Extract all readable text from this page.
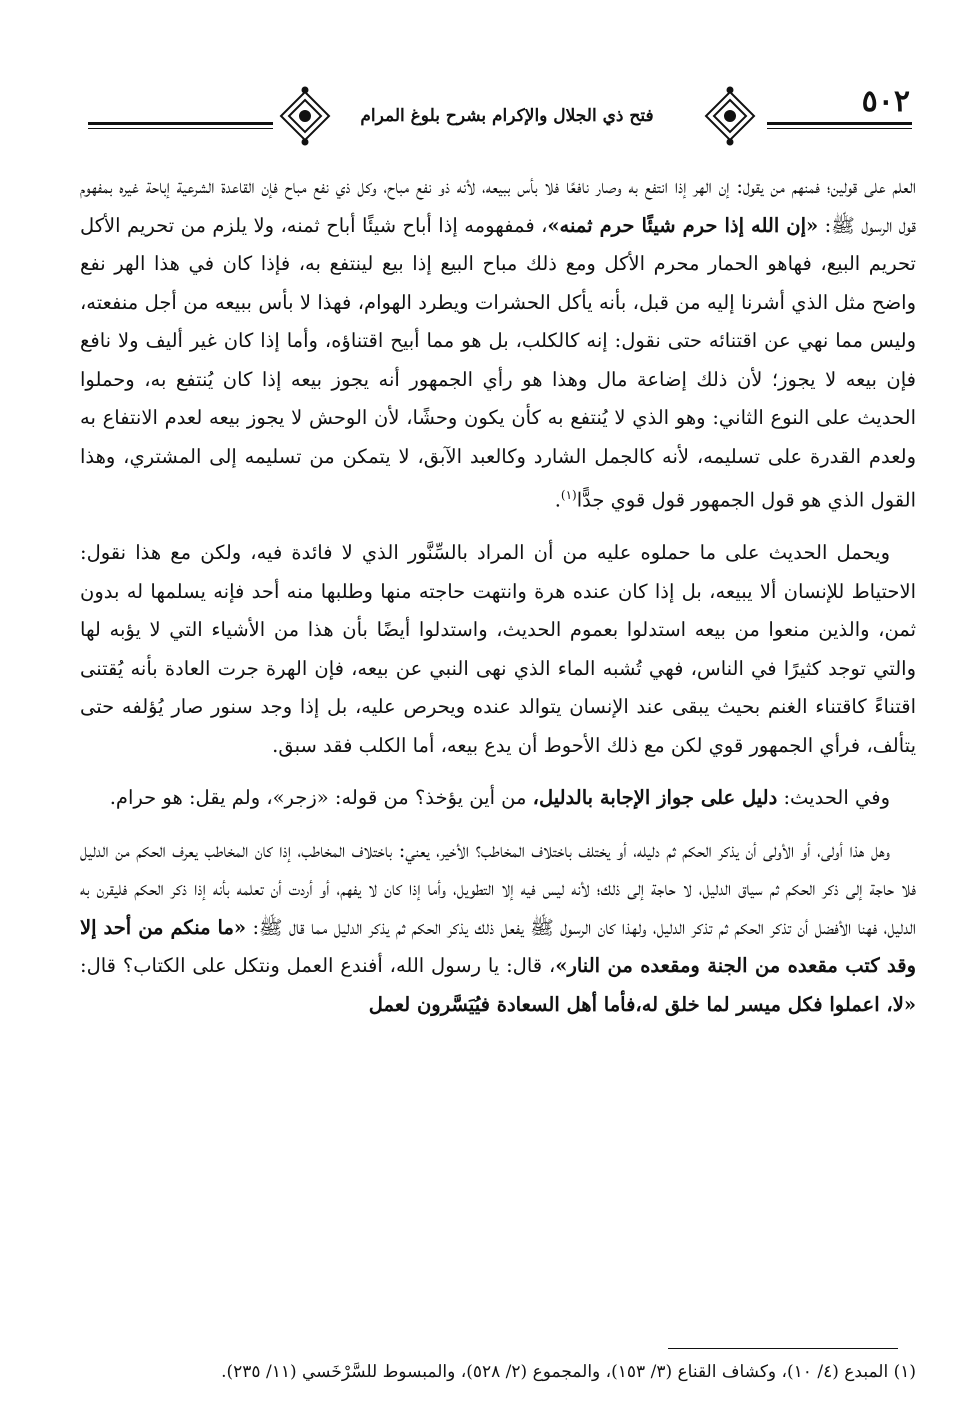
فتح ذي الجلال والإكرام بشرح بلوغ المرام	٥٠٢

العلم على قولين؛ فمنهم من يقول: إن الهر إذا انتفع به وصار نافعًا فلا بأس ببيعه، لأنه ذو نفع مباح، وكل ذي نفع مباح فإن القاعدة الشرعية إباحة غيره بمفهوم قول الرسول ﷺ: «إن الله إذا حرم شيئًا حرم ثمنه»، فمفهومه إذا أباح شيئًا أباح ثمنه، ولا يلزم من تحريم الأكل تحريم البيع، فهاهو الحمار محرم الأكل ومع ذلك مباح البيع إذا بيع لينتفع به، فإذا كان في هذا الهر نفع واضح مثل الذي أشرنا إليه من قبل، بأنه يأكل الحشرات ويطرد الهوام، فهذا لا بأس ببيعه من أجل منفعته، وليس مما نهي عن اقتنائه حتى نقول: إنه كالكلب، بل هو مما أبيح اقتناؤه، وأما إذا كان غير أليف ولا نافع فإن بيعه لا يجوز؛ لأن ذلك إضاعة مال وهذا هو رأي الجمهور أنه يجوز بيعه إذا كان يُنتفع به، وحملوا الحديث على النوع الثاني: وهو الذي لا يُنتفع به كأن يكون وحشًا، لأن الوحش لا يجوز بيعه لعدم الانتفاع به ولعدم القدرة على تسليمه، لأنه كالجمل الشارد وكالعبد الآبق، لا يتمكن من تسليمه إلى المشتري، وهذا القول الذي هو قول الجمهور قول قوي جدًّا$^{(١)}$.

ويحمل الحديث على ما حملوه عليه من أن المراد بالسِّنَّور الذي لا فائدة فيه، ولكن مع هذا نقول: الاحتياط للإنسان ألا يبيعه، بل إذا كان عنده هرة وانتهت حاجته منها وطلبها منه أحد فإنه يسلمها له بدون ثمن، والذين منعوا من بيعه استدلوا بعموم الحديث، واستدلوا أيضًا بأن هذا من الأشياء التي لا يؤبه لها والتي توجد كثيرًا في الناس، فهي تُشبه الماء الذي نهى النبي عن بيعه، فإن الهرة جرت العادة بأنه يُقتنى اقتناءً كاقتناء الغنم بحيث يبقى عند الإنسان يتوالد عنده ويحرص عليه، بل إذا وجد سنور صار يُؤلفه حتى يتألف، فرأي الجمهور قوي لكن مع ذلك الأحوط أن يدع بيعه، أما الكلب فقد سبق.

وفي الحديث: دليل على جواز الإجابة بالدليل، من أين يؤخذ؟ من قوله: «زجر»، ولم يقل: هو حرام.

وهل هذا أولى، أو الأولى أن يذكر الحكم ثم دليله، أو يختلف باختلاف المخاطب؟ الأخير، يعني: باختلاف المخاطب، إذا كان المخاطب يعرف الحكم من الدليل فلا حاجة إلى ذكر الحكم ثم سياق الدليل، لا حاجة إلى ذلك؛ لأنه ليس فيه إلا التطويل، وأما إذا كان لا يفهم، أو أردت أن تعلمه بأنه إذا ذكر الحكم فليقرن به الدليل، فهنا الأفضل أن تذكر الحكم ثم تذكر الدليل، ولهذا كان الرسول ﷺ يفعل ذلك يذكر الحكم ثم يذكر الدليل مما قال ﷺ: «ما منكم من أحد إلا وقد كتب مقعده من الجنة ومقعده من النار»، قال: يا رسول الله، أفندع العمل ونتكل على الكتاب؟ قال: «لا، اعملوا فكل ميسر لما خلق له،فأما أهل السعادة فيُيَسَّرون لعمل

(١) المبدع (٤/ ١٠)، وكشاف القناع (٣/ ١٥٣)، والمجموع (٢/ ٥٢٨)، والمبسوط للسَّرْخَسي (١١/ ٢٣٥).
